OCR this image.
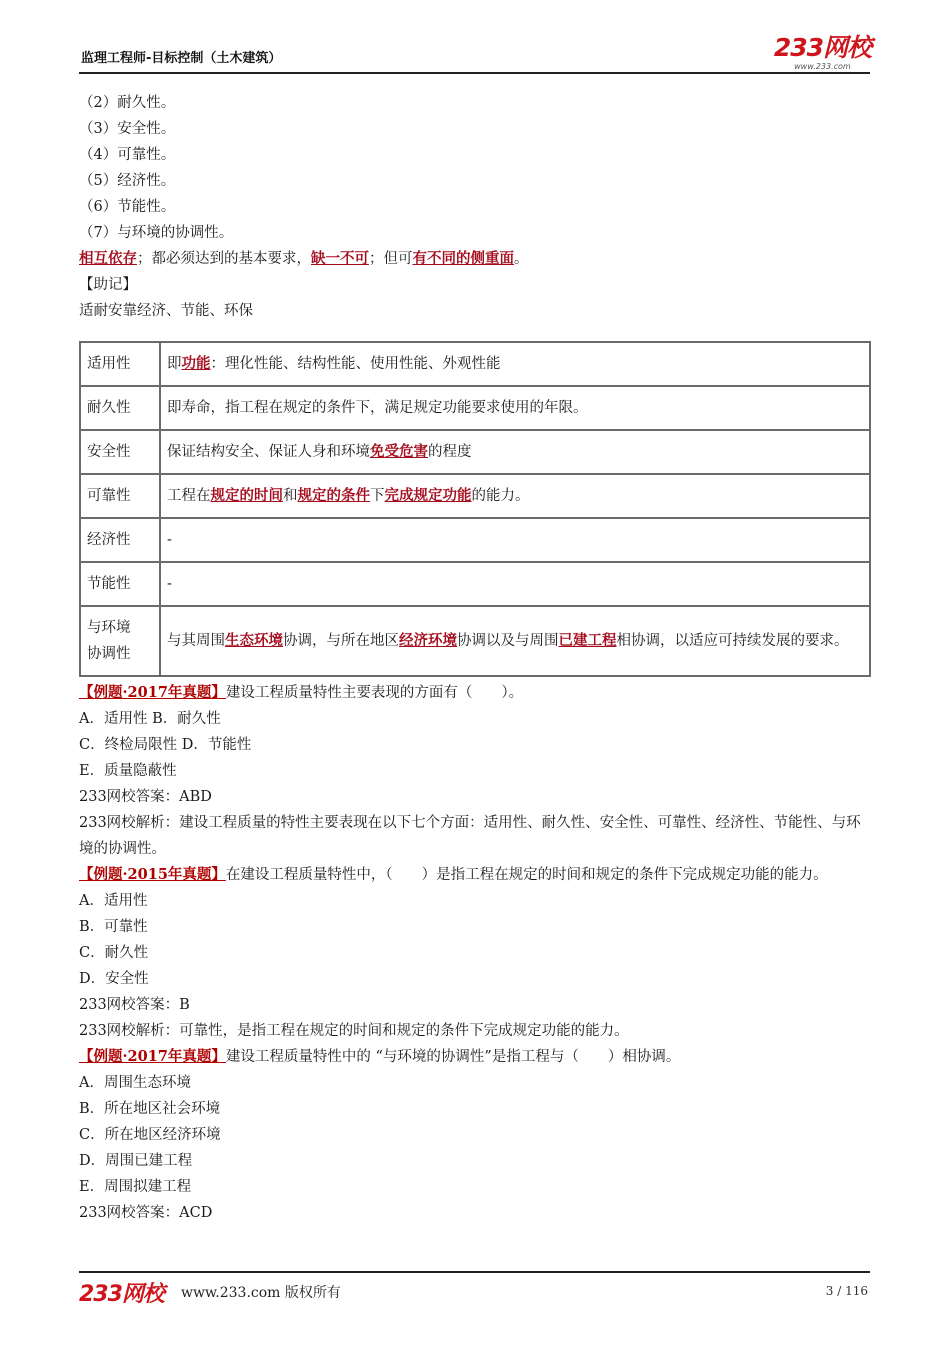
监理工程师-目标控制（土木建筑）	233网校
www.233.com
（2）耐久性。
（3）安全性。
（4）可靠性。
（5）经济性。
（6）节能性。
（7）与环境的协调性。
相互依存；都必须达到的基本要求，缺一不可；但可有不同的侧重面。
【助记】
适耐安靠经济、节能、环保
适用性	即功能：理化性能、结构性能、使用性能、外观性能
耐久性	即寿命，指工程在规定的条件下，满足规定功能要求使用的年限。
安全性	保证结构安全、保证人身和环境免受危害的程度
可靠性	工程在规定的时间和规定的条件下完成规定功能的能力。
经济性	-
节能性	-
与环境
协调性	与其周围生态环境协调，与所在地区经济环境协调以及与周围已建工程相协调，以适应可持续发展的要求。
【例题·2017年真题】建设工程质量特性主要表现的方面有（　　）。
A．适用性 B．耐久性
C．终检局限性 D．节能性
E．质量隐蔽性
233网校答案：ABD
233网校解析：建设工程质量的特性主要表现在以下七个方面：适用性、耐久性、安全性、可靠性、经济性、节能性、与环境的协调性。
【例题·2015年真题】在建设工程质量特性中，（　　）是指工程在规定的时间和规定的条件下完成规定功能的能力。
A．适用性
B．可靠性
C．耐久性
D．安全性
233网校答案：B
233网校解析：可靠性，是指工程在规定的时间和规定的条件下完成规定功能的能力。
【例题·2017年真题】建设工程质量特性中的 “与环境的协调性”是指工程与（　　）相协调。
A．周围生态环境
B．所在地区社会环境
C．所在地区经济环境
D．周围已建工程
E．周围拟建工程
233网校答案：ACD
233网校 www.233.com 版权所有	3 / 116
